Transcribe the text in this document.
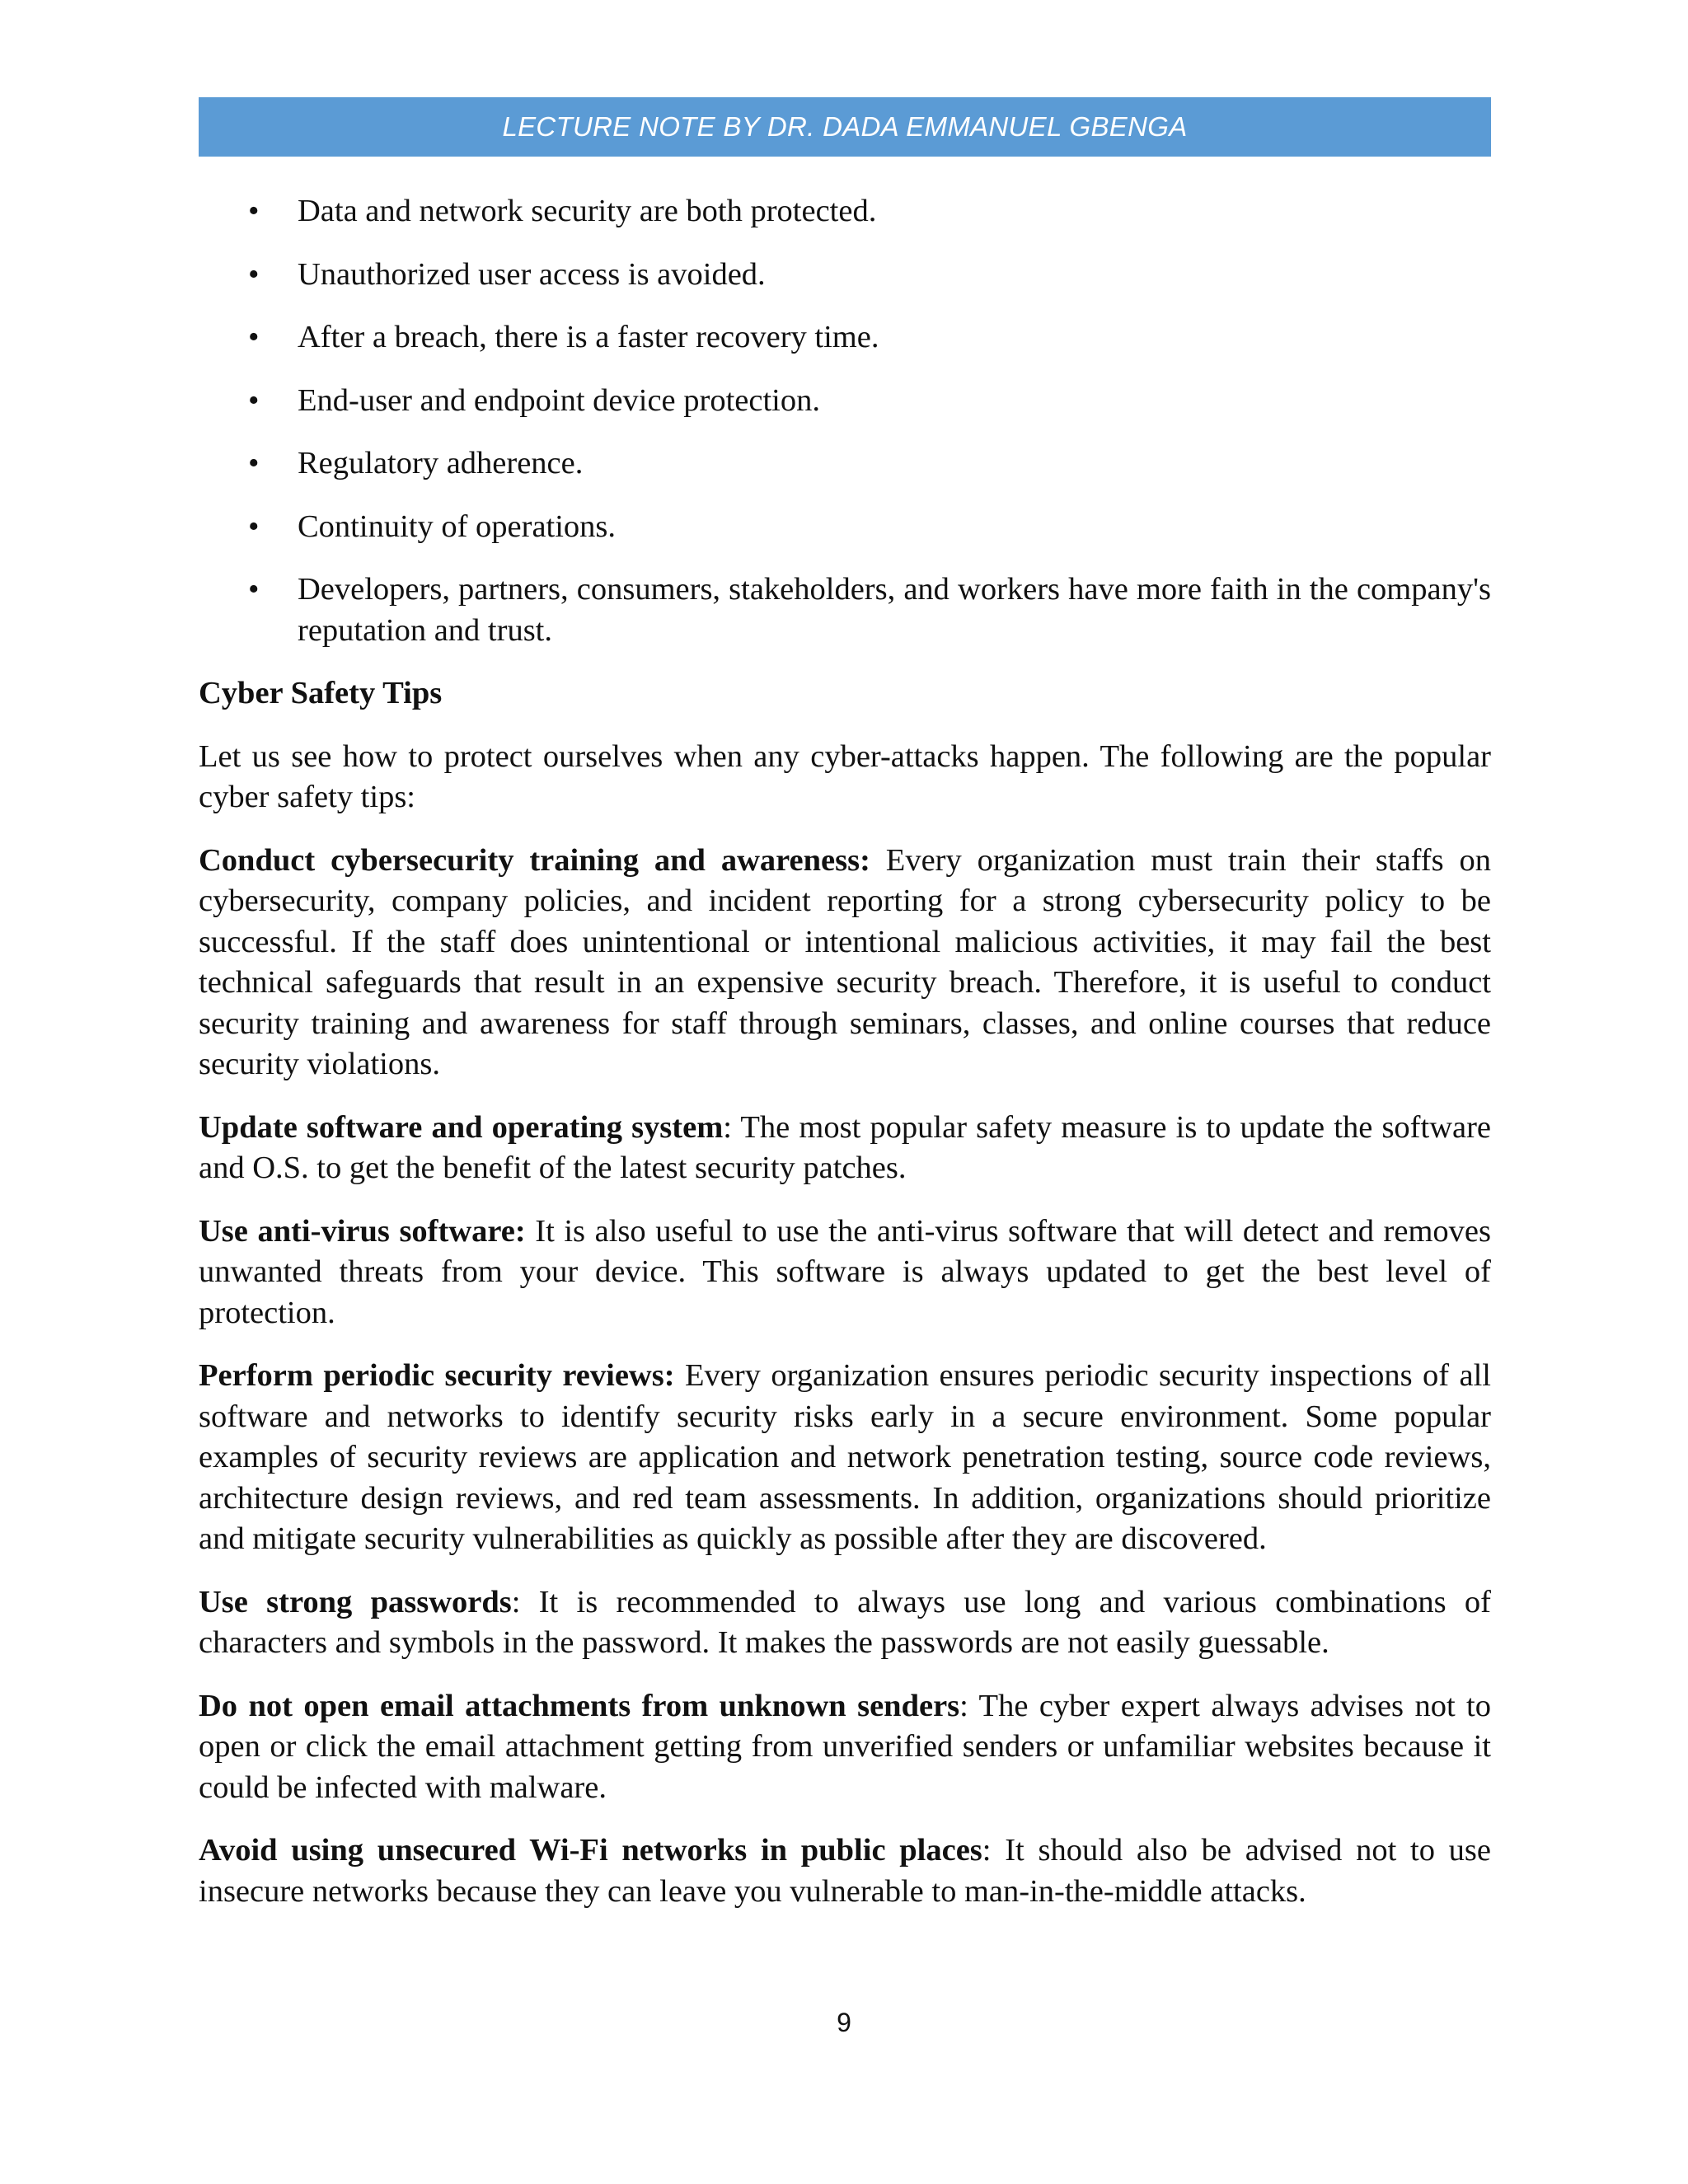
LECTURE NOTE BY DR. DADA EMMANUEL GBENGA
• Data and network security are both protected.
• Unauthorized user access is avoided.
• After a breach, there is a faster recovery time.
• End-user and endpoint device protection.
• Regulatory adherence.
• Continuity of operations.
• Developers, partners, consumers, stakeholders, and workers have more faith in the company's reputation and trust.
Cyber Safety Tips

Let us see how to protect ourselves when any cyber-attacks happen. The following are the popular cyber safety tips:

Conduct cybersecurity training and awareness: Every organization must train their staffs on cybersecurity, company policies, and incident reporting for a strong cybersecurity policy to be successful. If the staff does unintentional or intentional malicious activities, it may fail the best technical safeguards that result in an expensive security breach. Therefore, it is useful to conduct security training and awareness for staff through seminars, classes, and online courses that reduce security violations.

Update software and operating system: The most popular safety measure is to update the software and O.S. to get the benefit of the latest security patches.

Use anti-virus software: It is also useful to use the anti-virus software that will detect and removes unwanted threats from your device. This software is always updated to get the best level of protection.

Perform periodic security reviews: Every organization ensures periodic security inspections of all software and networks to identify security risks early in a secure environment. Some popular examples of security reviews are application and network penetration testing, source code reviews, architecture design reviews, and red team assessments. In addition, organizations should prioritize and mitigate security vulnerabilities as quickly as possible after they are discovered.

Use strong passwords: It is recommended to always use long and various combinations of characters and symbols in the password. It makes the passwords are not easily guessable.

Do not open email attachments from unknown senders: The cyber expert always advises not to open or click the email attachment getting from unverified senders or unfamiliar websites because it could be infected with malware.

Avoid using unsecured Wi-Fi networks in public places: It should also be advised not to use insecure networks because they can leave you vulnerable to man-in-the-middle attacks.

9
